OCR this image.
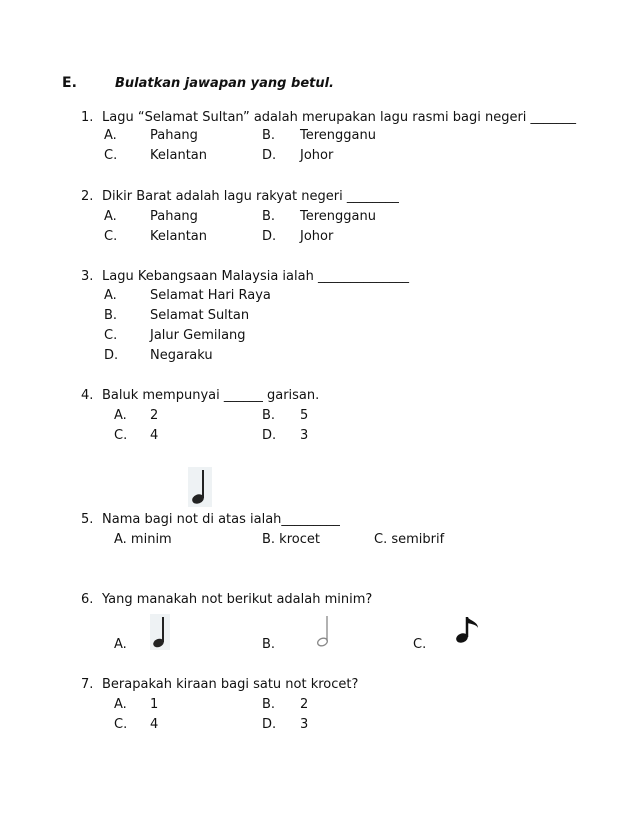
E.	Bulatkan jawapan yang betul.
1. Lagu “Selamat Sultan” adalah merupakan lagu rasmi bagi negeri _______
A.	Pahang	B. Terengganu
C.	Kelantan	D. Johor
2. Dikir Barat adalah lagu rakyat negeri ________
A.	Pahang	B. Terengganu
C.	Kelantan	D. Johor
3. Lagu Kebangsaan Malaysia ialah ______________
A.	Selamat Hari Raya
B.	Selamat Sultan
C.	Jalur Gemilang
D. Negaraku
4. Baluk mempunyai ______ garisan.
A. 2	B. 5
C. 4	D. 3
5. Nama bagi not di atas ialah_________
A. minim	B. krocet	C. semibrif
6. Yang manakah not berikut adalah minim?
A.	B.	C.
7. Berapakah kiraan bagi satu not krocet?
A. 1	B. 2
C. 4	D. 3
